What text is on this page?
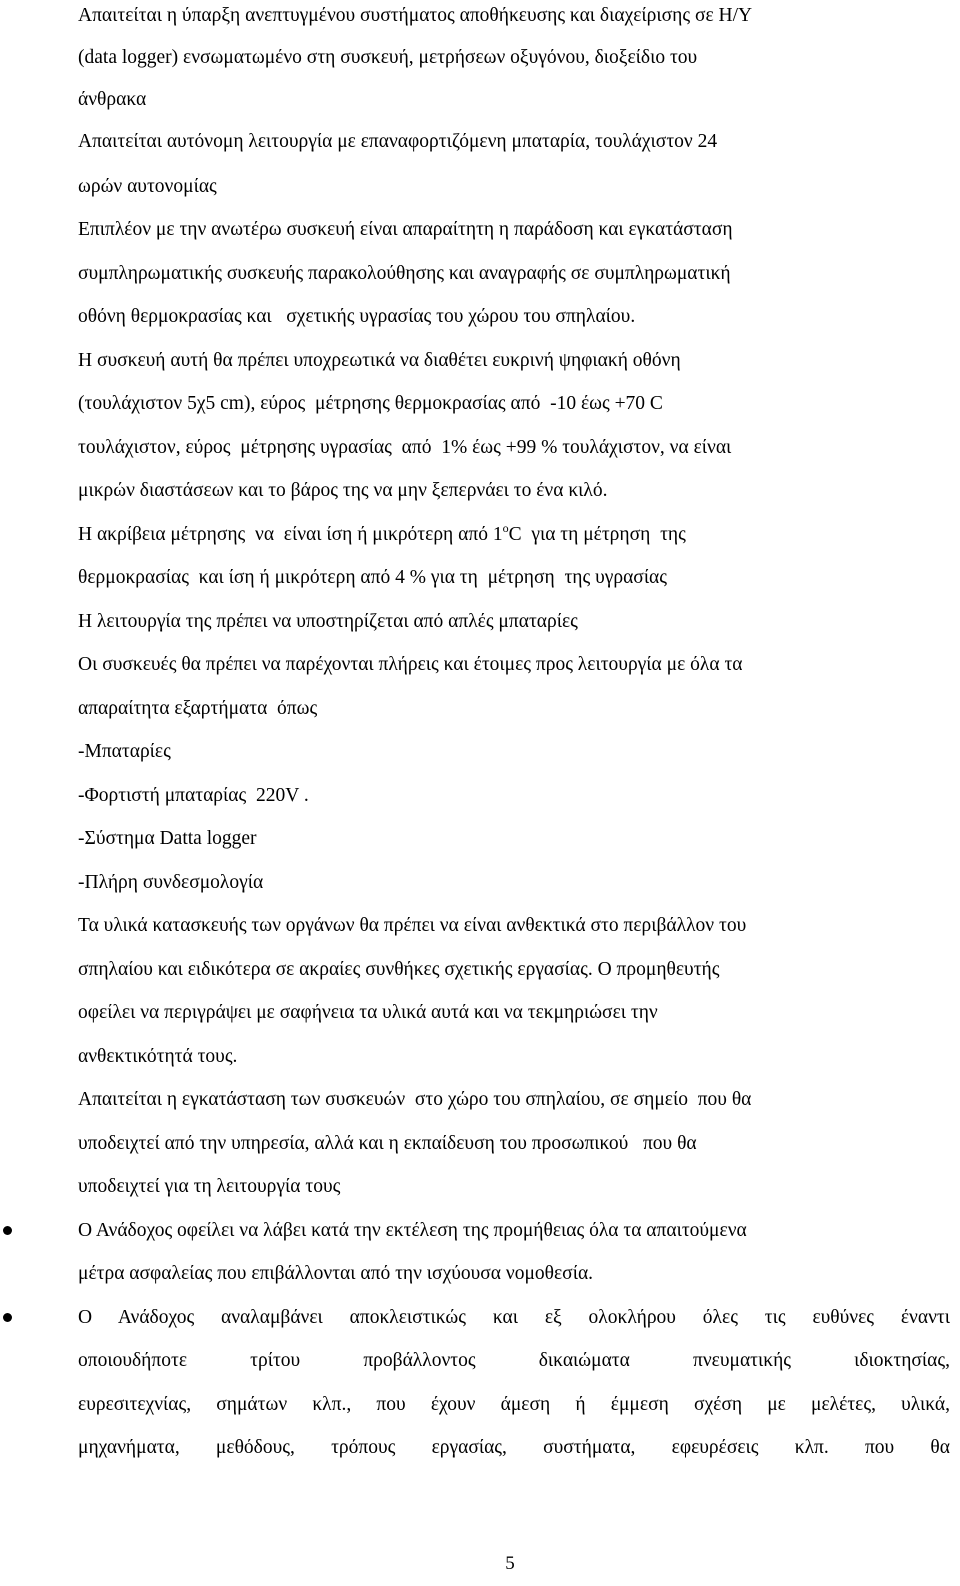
Απαιτείται η ύπαρξη ανεπτυγμένου συστήματος αποθήκευσης και διαχείρισης σε Η/Υ
(data logger) ενσωματωμένο στη συσκευή, μετρήσεων οξυγόνου, διοξείδιο του
άνθρακα
Απαιτείται αυτόνομη λειτουργία με επαναφορτιζόμενη μπαταρία, τουλάχιστον 24
ωρών αυτονομίας
Επιπλέον με την ανωτέρω συσκευή είναι απαραίτητη η παράδοση και εγκατάσταση
συμπληρωματικής συσκευής παρακολούθησης και αναγραφής σε συμπληρωματική
οθόνη θερμοκρασίας και   σχετικής υγρασίας του χώρου του σπηλαίου.
Η συσκευή αυτή θα πρέπει υποχρεωτικά να διαθέτει ευκρινή ψηφιακή οθόνη
(τουλάχιστον 5χ5 cm), εύρος  μέτρησης θερμοκρασίας από  -10 έως +70 C
τουλάχιστον, εύρος  μέτρησης υγρασίας  από  1% έως +99 % τουλάχιστον, να είναι
μικρών διαστάσεων και το βάρος της να μην ξεπερνάει το ένα κιλό.
Η ακρίβεια μέτρησης  να  είναι ίση ή μικρότερη από $1^oC$  για τη μέτρηση  της
θερμοκρασίας  και ίση ή μικρότερη από 4 % για τη  μέτρηση  της υγρασίας
Η λειτουργία της πρέπει να υποστηρίζεται από απλές μπαταρίες
Οι συσκευές θα πρέπει να παρέχονται πλήρεις και έτοιμες προς λειτουργία με όλα τα
απαραίτητα εξαρτήματα  όπως
-Μπαταρίες
-Φορτιστή μπαταρίας  220V .
-Σύστημα Datta logger
-Πλήρη συνδεσμολογία
Τα υλικά κατασκευής των οργάνων θα πρέπει να είναι ανθεκτικά στο περιβάλλον του
σπηλαίου και ειδικότερα σε ακραίες συνθήκες σχετικής εργασίας. Ο προμηθευτής
οφείλει να περιγράψει με σαφήνεια τα υλικά αυτά και να τεκμηριώσει την
ανθεκτικότητά τους.
Απαιτείται η εγκατάσταση των συσκευών  στο χώρο του σπηλαίου, σε σημείο  που θα
υποδειχτεί από την υπηρεσία, αλλά και η εκπαίδευση του προσωπικού   που θα
υποδειχτεί για τη λειτουργία τους
Ο Ανάδοχος οφείλει να λάβει κατά την εκτέλεση της προμήθειας όλα τα απαιτούμενα
μέτρα ασφαλείας που επιβάλλονται από την ισχύουσα νομοθεσία.
Ο Ανάδοχος αναλαμβάνει αποκλειστικώς και εξ ολοκλήρου όλες τις ευθύνες έναντι
οποιουδήποτε τρίτου προβάλλοντος δικαιώματα πνευματικής ιδιοκτησίας,
ευρεσιτεχνίας, σημάτων κλπ., που έχουν άμεση ή έμμεση σχέση με μελέτες, υλικά,
μηχανήματα, μεθόδους, τρόπους εργασίας, συστήματα, εφευρέσεις κλπ. που θα
5
